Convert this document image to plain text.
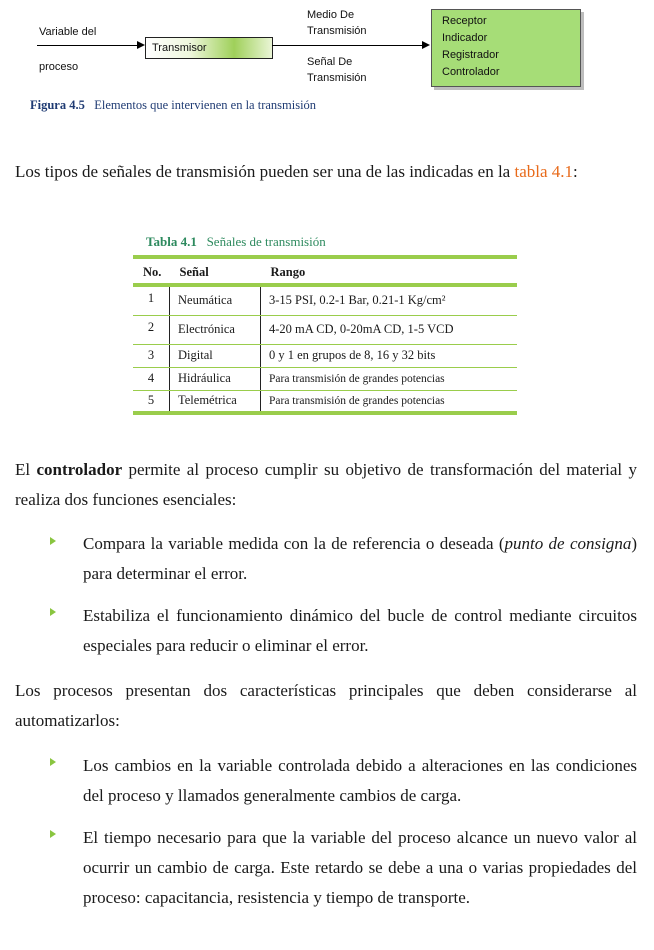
Variable del
proceso
Transmisor
Medio De
Transmisión
Señal De
Transmisión
Receptor
Indicador
Registrador
Controlador
Figura 4.5 Elementos que intervienen en la transmisión
Los tipos de señales de transmisión pueden ser una de las indicadas en la tabla 4.1:
Tabla 4.1 Señales de transmisión
No.	Señal	Rango
1	Neumática	3-15 PSI, 0.2-1 Bar, 0.21-1 Kg/cm²
2	Electrónica	4-20 mA CD, 0-20mA CD, 1-5 VCD
3	Digital	0 y 1 en grupos de 8, 16 y 32 bits
4	Hidráulica	Para transmisión de grandes potencias
5	Telemétrica	Para transmisión de grandes potencias
El controlador permite al proceso cumplir su objetivo de transformación del material y realiza dos funciones esenciales:
Compara la variable medida con la de referencia o deseada (punto de consigna) para determinar el error.
Estabiliza el funcionamiento dinámico del bucle de control mediante circuitos especiales para reducir o eliminar el error.
Los procesos presentan dos características principales que deben considerarse al automatizarlos:
Los cambios en la variable controlada debido a alteraciones en las condiciones del proceso y llamados generalmente cambios de carga.
El tiempo necesario para que la variable del proceso alcance un nuevo valor al ocurrir un cambio de carga. Este retardo se debe a una o varias propiedades del proceso: capacitancia, resistencia y tiempo de transporte.
